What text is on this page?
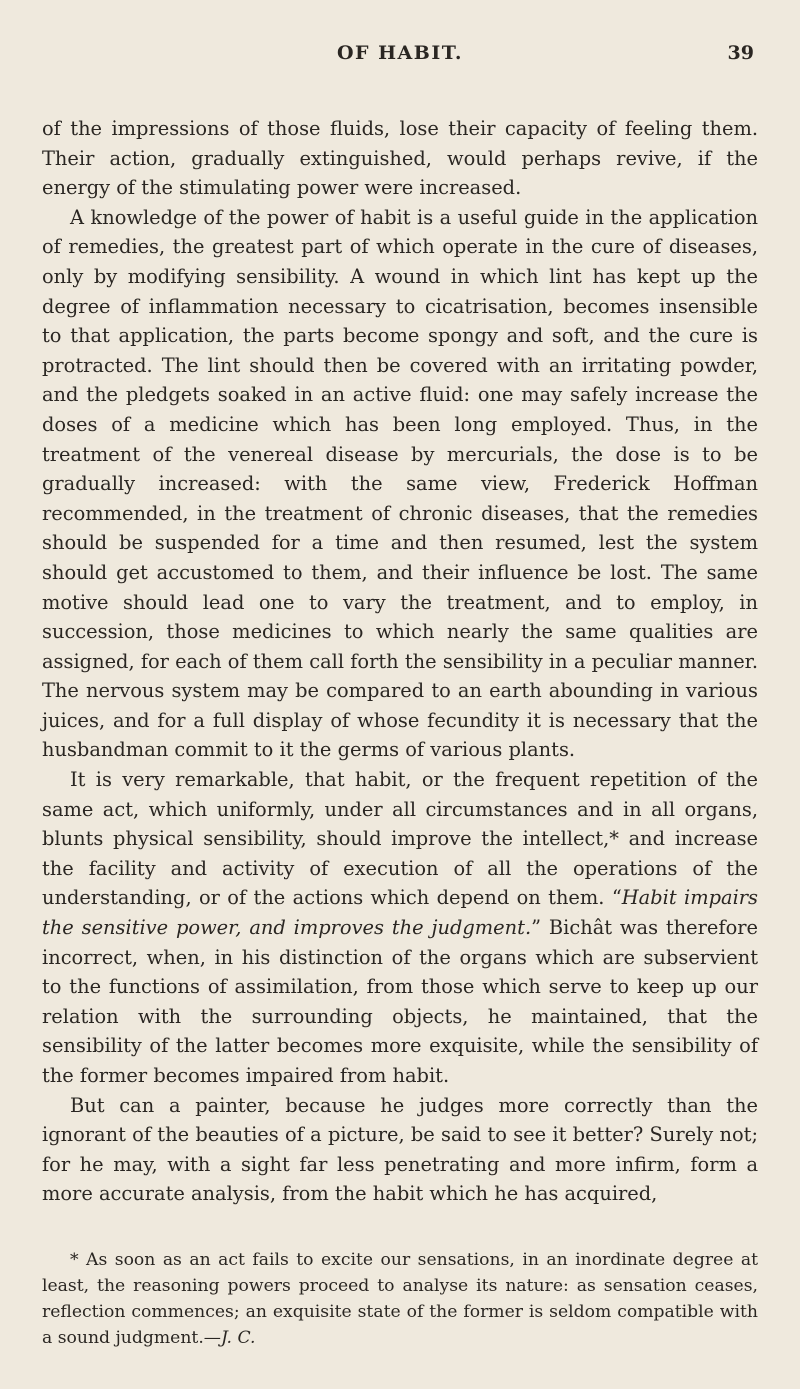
OF HABIT.	39

of the impressions of those fluids, lose their capacity of feeling them. Their action, gradually extinguished, would perhaps revive, if the energy of the stimulating power were increased.

A knowledge of the power of habit is a useful guide in the application of remedies, the greatest part of which operate in the cure of diseases, only by modifying sensibility. A wound in which lint has kept up the degree of inflammation necessary to cicatrisation, becomes insensible to that application, the parts become spongy and soft, and the cure is protracted. The lint should then be covered with an irritating powder, and the pledgets soaked in an active fluid: one may safely increase the doses of a medicine which has been long employed. Thus, in the treatment of the venereal disease by mercurials, the dose is to be gradually increased: with the same view, Frederick Hoffman recommended, in the treatment of chronic diseases, that the remedies should be suspended for a time and then resumed, lest the system should get accustomed to them, and their influence be lost. The same motive should lead one to vary the treatment, and to employ, in succession, those medicines to which nearly the same qualities are assigned, for each of them call forth the sensibility in a peculiar manner. The nervous system may be compared to an earth abounding in various juices, and for a full display of whose fecundity it is necessary that the husbandman commit to it the germs of various plants.

It is very remarkable, that habit, or the frequent repetition of the same act, which uniformly, under all circumstances and in all organs, blunts physical sensibility, should improve the intellect,* and increase the facility and activity of execution of all the operations of the understanding, or of the actions which depend on them. “Habit impairs the sensitive power, and improves the judgment.” Bichât was therefore incorrect, when, in his distinction of the organs which are subservient to the functions of assimilation, from those which serve to keep up our relation with the surrounding objects, he maintained, that the sensibility of the latter becomes more exquisite, while the sensibility of the former becomes impaired from habit.

But can a painter, because he judges more correctly than the ignorant of the beauties of a picture, be said to see it better? Surely not; for he may, with a sight far less penetrating and more infirm, form a more accurate analysis, from the habit which he has acquired,

* As soon as an act fails to excite our sensations, in an inordinate degree at least, the reasoning powers proceed to analyse its nature: as sensation ceases, reflection commences; an exquisite state of the former is seldom compatible with a sound judgment.—J. C.
